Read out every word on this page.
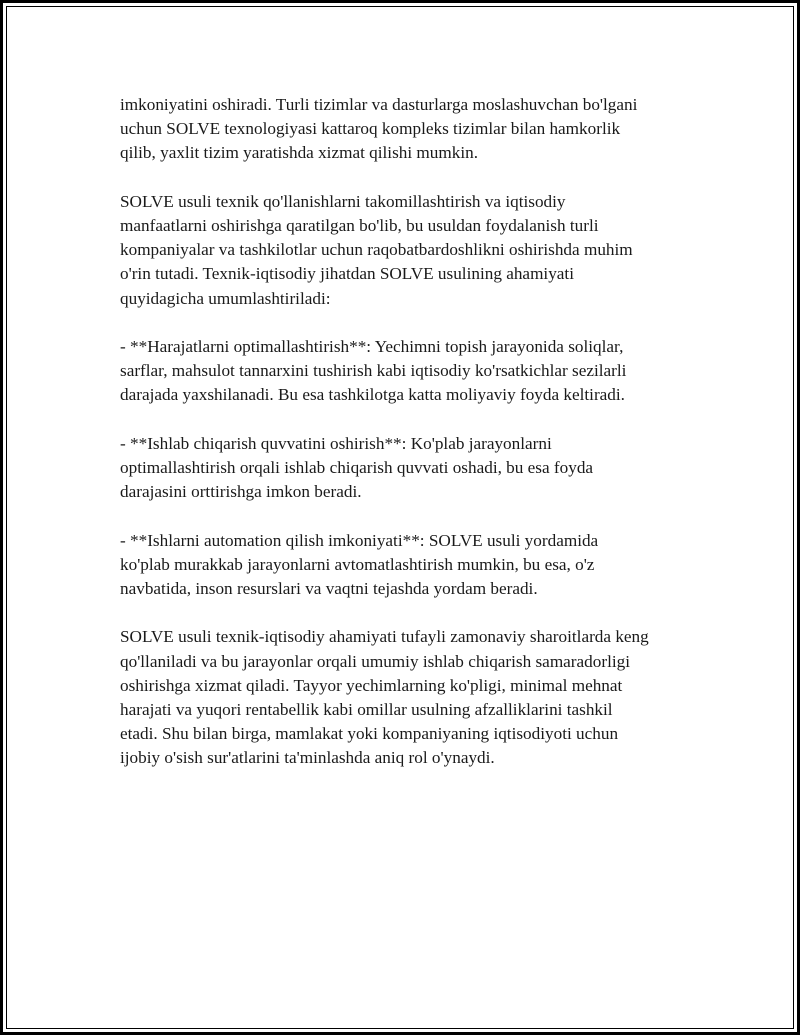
imkoniyatini oshiradi. Turli tizimlar va dasturlarga moslashuvchan bo'lgani
uchun SOLVE texnologiyasi kattaroq kompleks tizimlar bilan hamkorlik
qilib, yaxlit tizim yaratishda xizmat qilishi mumkin.

SOLVE usuli texnik qo'llanishlarni takomillashtirish va iqtisodiy
manfaatlarni oshirishga qaratilgan bo'lib, bu usuldan foydalanish turli
kompaniyalar va tashkilotlar uchun raqobatbardoshlikni oshirishda muhim
o'rin tutadi. Texnik-iqtisodiy jihatdan SOLVE usulining ahamiyati
quyidagicha umumlashtiriladi:

- **Harajatlarni optimallashtirish**: Yechimni topish jarayonida soliqlar,
sarflar, mahsulot tannarxini tushirish kabi iqtisodiy ko'rsatkichlar sezilarli
darajada yaxshilanadi. Bu esa tashkilotga katta moliyaviy foyda keltiradi.

- **Ishlab chiqarish quvvatini oshirish**: Ko'plab jarayonlarni
optimallashtirish orqali ishlab chiqarish quvvati oshadi, bu esa foyda
darajasini orttirishga imkon beradi.

- **Ishlarni automation qilish imkoniyati**: SOLVE usuli yordamida
ko'plab murakkab jarayonlarni avtomatlashtirish mumkin, bu esa, o'z
navbatida, inson resurslari va vaqtni tejashda yordam beradi.

SOLVE usuli texnik-iqtisodiy ahamiyati tufayli zamonaviy sharoitlarda keng
qo'llaniladi va bu jarayonlar orqali umumiy ishlab chiqarish samaradorligi
oshirishga xizmat qiladi. Tayyor yechimlarning ko'pligi, minimal mehnat
harajati va yuqori rentabellik kabi omillar usulning afzalliklarini tashkil
etadi. Shu bilan birga, mamlakat yoki kompaniyaning iqtisodiyoti uchun
ijobiy o'sish sur'atlarini ta'minlashda aniq rol o'ynaydi.
